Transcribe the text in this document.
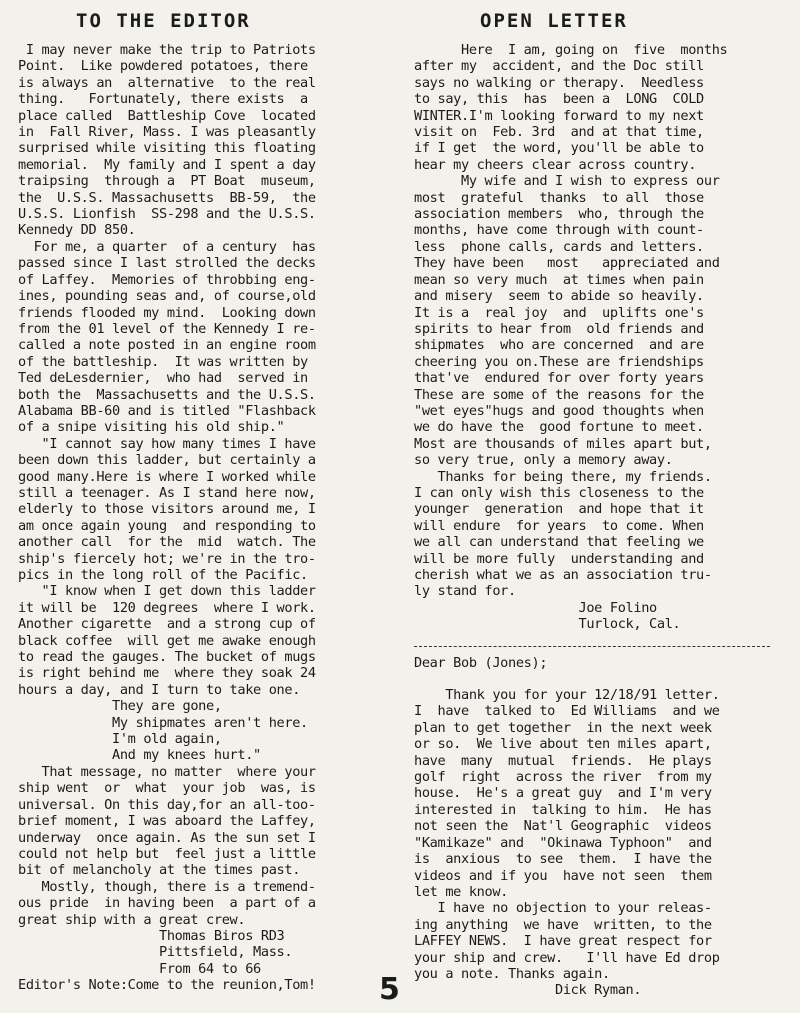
TO THE EDITOR	OPEN LETTER

I may never make the trip to Patriots

Point.  Like powdered potatoes, there

is always an  alternative  to the real

thing.   Fortunately, there exists  a

place called  Battleship Cove  located

in  Fall River, Mass. I was pleasantly

surprised while visiting this floating

memorial.  My family and I spent a day

traipsing  through a  PT Boat  museum,

the  U.S.S. Massachusetts  BB-59,  the

U.S.S. Lionfish  SS-298 and the U.S.S.

Kennedy DD 850.

For me, a quarter  of a century  has

passed since I last strolled the decks

of Laffey.  Memories of throbbing eng-

ines, pounding seas and, of course,old

friends flooded my mind.  Looking down

from the 01 level of the Kennedy I re-

called a note posted in an engine room

of the battleship.  It was written by

Ted deLesdernier,  who had  served in

both the  Massachusetts and the U.S.S.

Alabama BB-60 and is titled "Flashback

of a snipe visiting his old ship."

"I cannot say how many times I have

been down this ladder, but certainly a

good many.Here is where I worked while

still a teenager. As I stand here now,

elderly to those visitors around me, I

am once again young  and responding to

another call  for the  mid  watch. The

ship's fiercely hot; we're in the tro-

pics in the long roll of the Pacific.

"I know when I get down this ladder

it will be  120 degrees  where I work.

Another cigarette  and a strong cup of

black coffee  will get me awake enough

to read the gauges. The bucket of mugs

is right behind me  where they soak 24

hours a day, and I turn to take one.

They are gone,

My shipmates aren't here.

I'm old again,

And my knees hurt."

That message, no matter  where your

ship went  or  what  your job  was, is

universal. On this day,for an all-too-

brief moment, I was aboard the Laffey,

underway  once again. As the sun set I

could not help but  feel just a little

bit of melancholy at the times past.

Mostly, though, there is a tremend-

ous pride  in having been  a part of a

great ship with a great crew.

Thomas Biros RD3

Pittsfield, Mass.

From 64 to 66

Editor's Note:Come to the reunion,Tom!

Here  I am, going on  five  months

after my  accident, and the Doc still

says no walking or therapy.  Needless

to say, this  has  been a  LONG  COLD

WINTER.I'm looking forward to my next

visit on  Feb. 3rd  and at that time,

if I get  the word, you'll be able to

hear my cheers clear across country.

My wife and I wish to express our

most  grateful  thanks  to all  those

association members  who, through the

months, have come through with count-

less  phone calls, cards and letters.

They have been   most   appreciated and

mean so very much  at times when pain

and misery  seem to abide so heavily.

It is a  real joy  and  uplifts one's

spirits to hear from  old friends and

shipmates  who are concerned  and are

cheering you on.These are friendships

that've  endured for over forty years

These are some of the reasons for the

"wet eyes"hugs and good thoughts when

we do have the  good fortune to meet.

Most are thousands of miles apart but,

so very true, only a memory away.

Thanks for being there, my friends.

I can only wish this closeness to the

younger  generation  and hope that it

will endure  for years  to come. When

we all can understand that feeling we

will be more fully  understanding and

cherish what we as an association tru-

ly stand for.

Joe Folino

Turlock, Cal.

Dear Bob (Jones);

Thank you for your 12/18/91 letter.

I  have  talked to  Ed Williams  and we

plan to get together  in the next week

or so.  We live about ten miles apart,

have  many  mutual  friends.  He plays

golf  right  across the river  from my

house.  He's a great guy  and I'm very

interested in  talking to him.  He has

not seen the  Nat'l Geographic  videos

"Kamikaze" and  "Okinawa Typhoon"  and

is  anxious  to see  them.  I have the

videos and if you  have not seen  them

let me know.

I have no objection to your releas-

ing anything  we have  written, to the

LAFFEY NEWS.  I have great respect for

your ship and crew.   I'll have Ed drop

you a note. Thanks again.

Dick Ryman.

5
